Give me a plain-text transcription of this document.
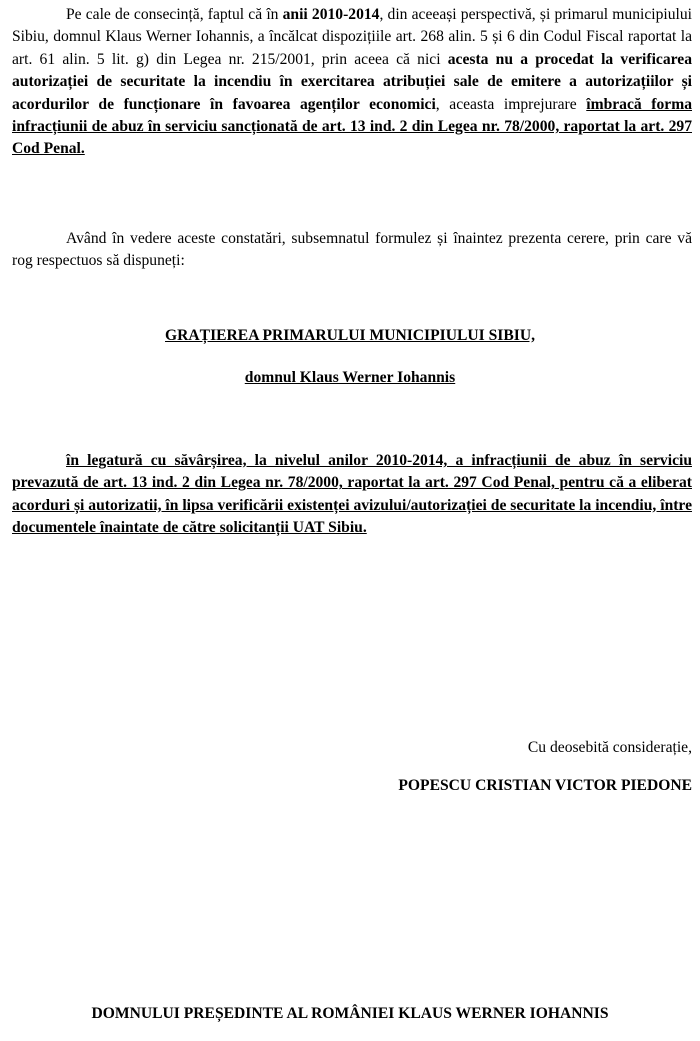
Pe cale de consecință, faptul că în anii 2010-2014, din aceeași perspectivă, și primarul municipiului Sibiu, domnul Klaus Werner Iohannis, a încălcat dispozițiile art. 268 alin. 5 și 6 din Codul Fiscal raportat la art. 61 alin. 5 lit. g) din Legea nr. 215/2001, prin aceea că nici acesta nu a procedat la verificarea autorizației de securitate la incendiu în exercitarea atribuției sale de emitere a autorizațiilor și acordurilor de funcționare în favoarea agenților economici, aceasta imprejurare îmbracă forma infracțiunii de abuz în serviciu sancționată de art. 13 ind. 2 din Legea nr. 78/2000, raportat la art. 297 Cod Penal.

Având în vedere aceste constatări, subsemnatul formulez și înaintez prezenta cerere, prin care vă rog respectuos să dispuneți:

GRAȚIEREA PRIMARULUI MUNICIPIULUI SIBIU,

domnul Klaus Werner Iohannis

în legatură cu săvârșirea, la nivelul anilor 2010-2014, a infracțiunii de abuz în serviciu prevazută de art. 13 ind. 2 din Legea nr. 78/2000, raportat la art. 297 Cod Penal, pentru că a eliberat acorduri și autorizatii, în lipsa verificării existenței avizului/autorizației de securitate la incendiu, între documentele înaintate de către solicitanții UAT Sibiu.

Cu deosebită considerație,

POPESCU CRISTIAN VICTOR PIEDONE

DOMNULUI PREȘEDINTE AL ROMÂNIEI KLAUS WERNER IOHANNIS
